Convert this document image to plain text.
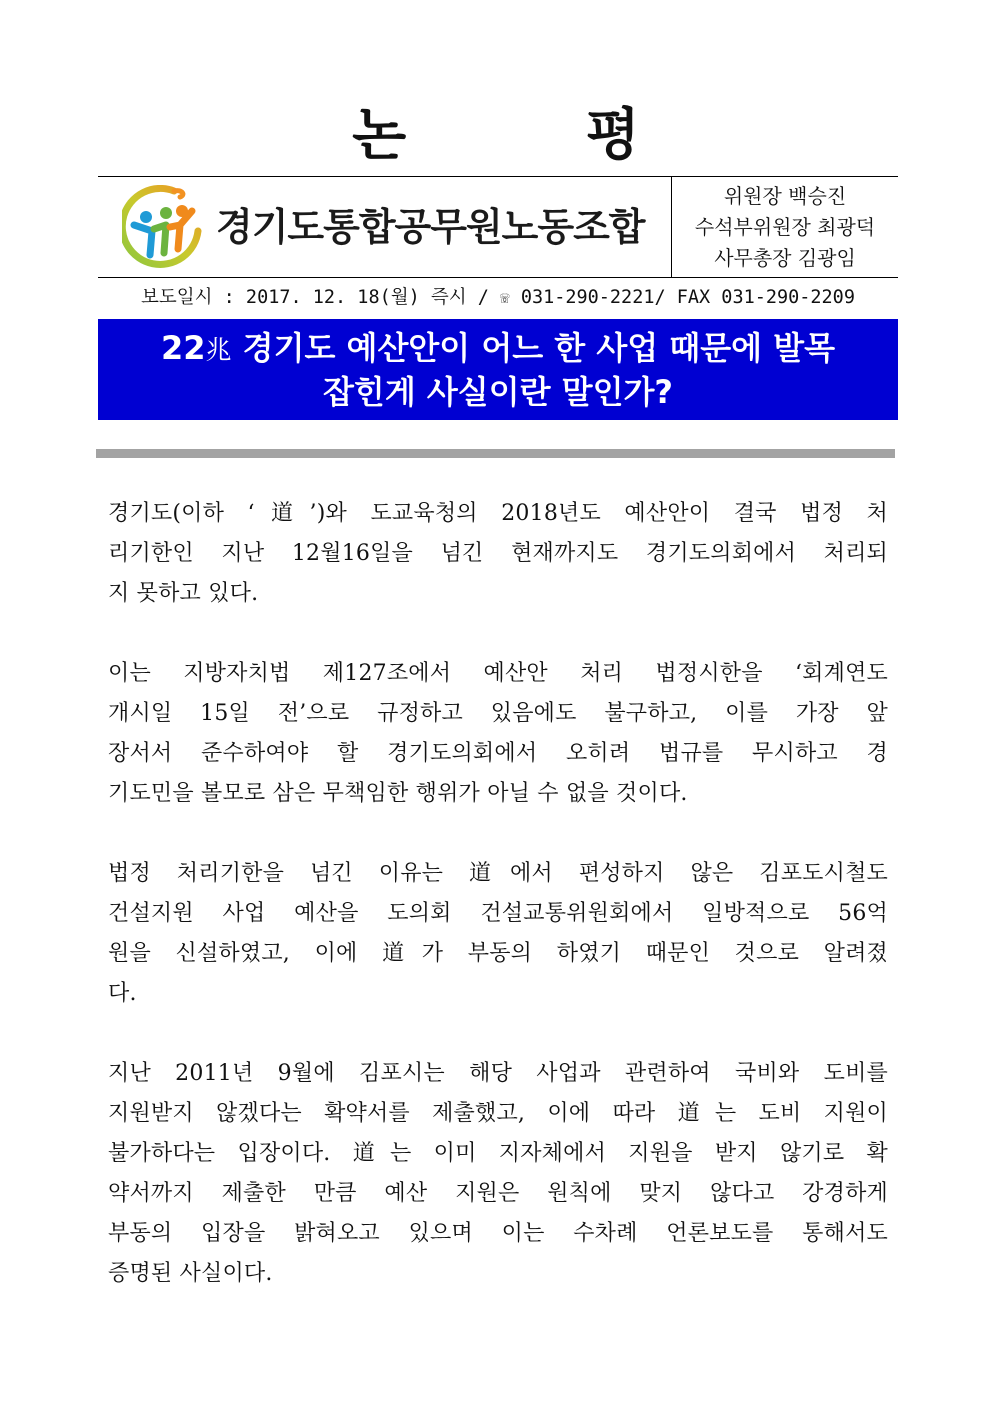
논 평
경기도통합공무원노동조합
위원장 백승진
수석부위원장 최광덕
사무총장 김광임
보도일시 : 2017. 12. 18(월) 즉시 / ☏ 031-290-2221/ FAX 031-290-2209
22兆 경기도 예산안이 어느 한 사업 때문에 발목
잡힌게 사실이란 말인가?

경기도(이하 ‘道’)와 도교육청의 2018년도 예산안이 결국 법정 처
리기한인 지난 12월16일을 넘긴 현재까지도 경기도의회에서 처리되
지 못하고 있다.

이는 지방자치법 제127조에서 예산안 처리 법정시한을 ‘회계연도
개시일 15일 전’으로 규정하고 있음에도 불구하고, 이를 가장 앞
장서서 준수하여야 할 경기도의회에서 오히려 법규를 무시하고 경
기도민을 볼모로 삼은 무책임한 행위가 아닐 수 없을 것이다.

법정 처리기한을 넘긴 이유는 道에서 편성하지 않은 김포도시철도
건설지원 사업 예산을 도의회 건설교통위원회에서 일방적으로 56억
원을 신설하였고, 이에 道가 부동의 하였기 때문인 것으로 알려졌
다.

지난 2011년 9월에 김포시는 해당 사업과 관련하여 국비와 도비를
지원받지 않겠다는 확약서를 제출했고, 이에 따라 道는 도비 지원이
불가하다는 입장이다. 道는 이미 지자체에서 지원을 받지 않기로 확
약서까지 제출한 만큼 예산 지원은 원칙에 맞지 않다고 강경하게
부동의 입장을 밝혀오고 있으며 이는 수차례 언론보도를 통해서도
증명된 사실이다.
